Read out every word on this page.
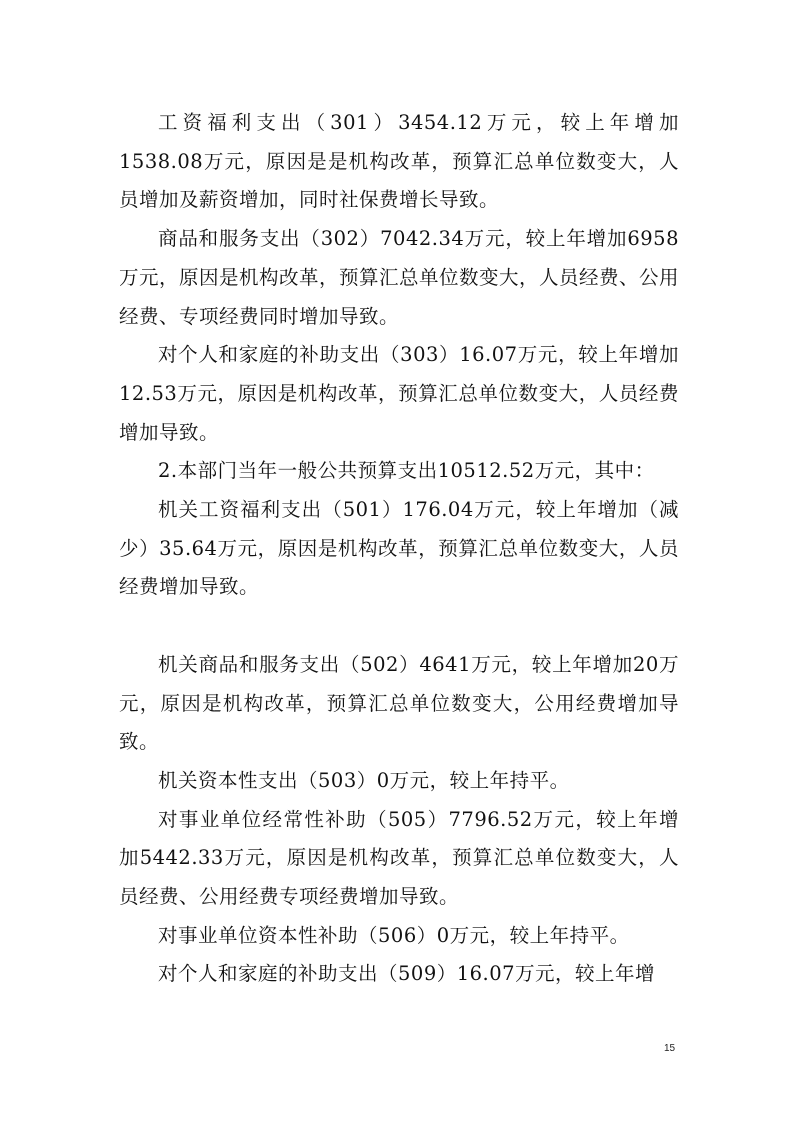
工资福利支出（301）3454.12万元，较上年增加1538.08万元，原因是是机构改革，预算汇总单位数变大，人员增加及薪资增加，同时社保费增长导致。

商品和服务支出（302）7042.34万元，较上年增加6958万元，原因是机构改革，预算汇总单位数变大，人员经费、公用经费、专项经费同时增加导致。

对个人和家庭的补助支出（303）16.07万元，较上年增加12.53万元，原因是机构改革，预算汇总单位数变大，人员经费增加导致。

2.本部门当年一般公共预算支出10512.52万元，其中：

机关工资福利支出（501）176.04万元，较上年增加（减少）35.64万元，原因是机构改革，预算汇总单位数变大，人员经费增加导致。

机关商品和服务支出（502）4641万元，较上年增加20万元，原因是机构改革，预算汇总单位数变大，公用经费增加导致。

机关资本性支出（503）0万元，较上年持平。

对事业单位经常性补助（505）7796.52万元，较上年增加5442.33万元，原因是机构改革，预算汇总单位数变大，人员经费、公用经费专项经费增加导致。

对事业单位资本性补助（506）0万元，较上年持平。

对个人和家庭的补助支出（509）16.07万元，较上年增

15
